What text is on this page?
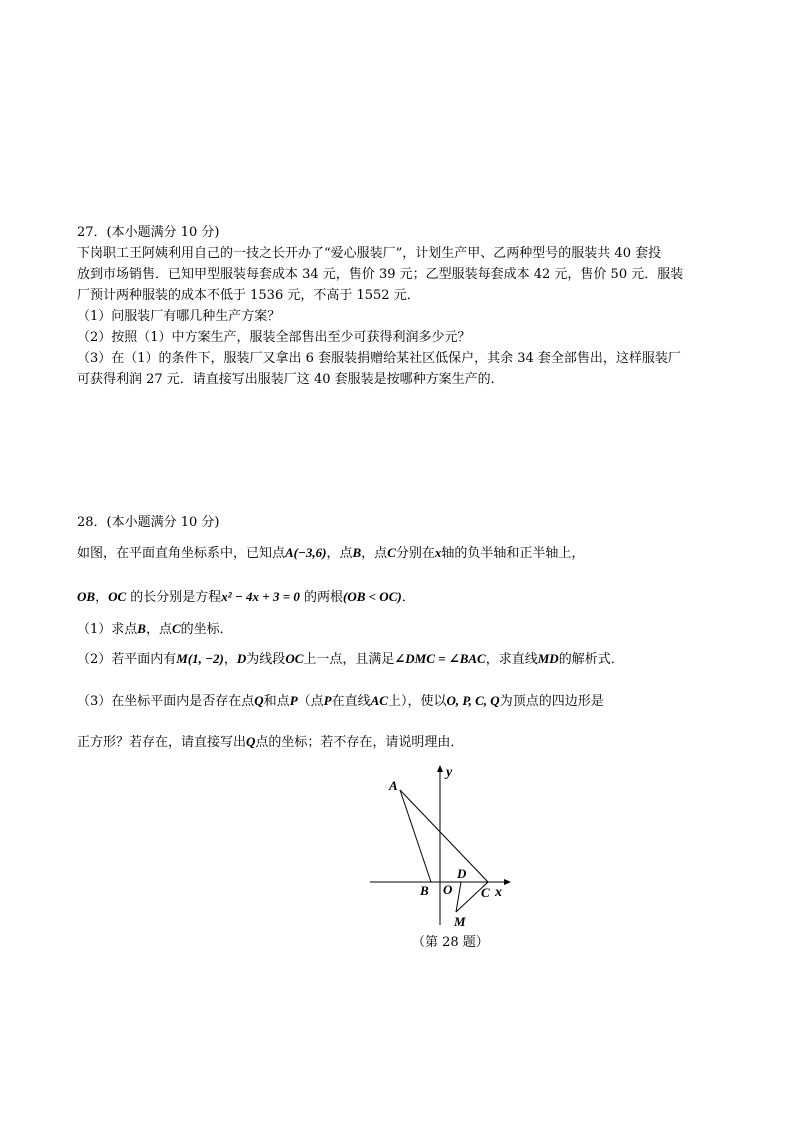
27．(本小题满分 10 分)
下岗职工王阿姨利用自己的一技之长开办了“爱心服装厂”，计划生产甲、乙两种型号的服装共 40 套投
放到市场销售．已知甲型服装每套成本 34 元，售价 39 元；乙型服装每套成本 42 元，售价 50 元．服装
厂预计两种服装的成本不低于 1536 元，不高于 1552 元．
（1）问服装厂有哪几种生产方案？
（2）按照（1）中方案生产，服装全部售出至少可获得利润多少元？
（3）在（1）的条件下，服装厂又拿出 6 套服装捐赠给某社区低保户，其余 34 套全部售出，这样服装厂
可获得利润 27 元．请直接写出服装厂这 40 套服装是按哪种方案生产的．
28．(本小题满分 10 分)
如图，在平面直角坐标系中，已知点A(−3,6)，点B，点C分别在x轴的负半轴和正半轴上，
OB，OC 的长分别是方程x² − 4x + 3 = 0 的两根(OB < OC)．
（1）求点B，点C的坐标．
（2）若平面内有M(1, −2)，D为线段OC上一点，且满足∠DMC = ∠BAC，求直线MD的解析式．
（3）在坐标平面内是否存在点Q和点P（点P在直线AC上），使以O, P, C, Q为顶点的四边形是
正方形？若存在，请直接写出Q点的坐标；若不存在，请说明理由．
A
y
D
B O C x
M
（第 28 题）
